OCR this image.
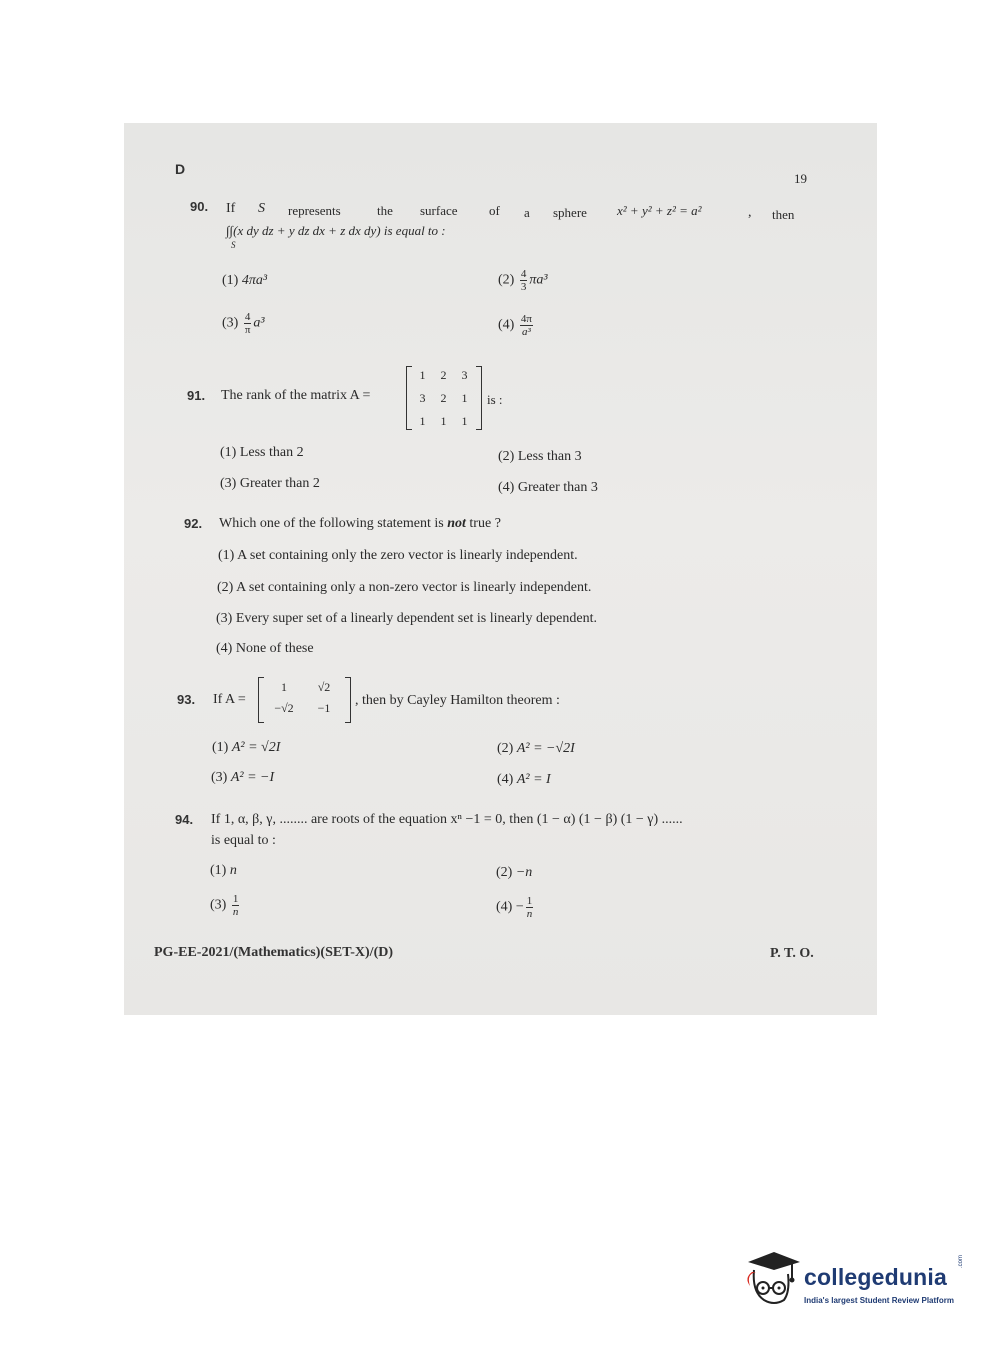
D
19
90. If S represents	the surface of a sphere x² + y² + z² = a²	, then
∫∫(x dy dz + y dz dx + z dx dy) is equal to :
S
(1) 4πa³	$(2) \frac{4}{3} \pi a^3$
$(3) \frac{4}{\pi} a^3$	$(4) \frac{4\pi}{\text{a³}}$
91. The rank of the matrix A =
1	2	3
3	2	1
1	1	1
is :
(1) Less than 2	(2) Less than 3
(3) Greater than 2	(4) Greater than 3
92. Which one of the following statement is not true ?
(1) A set containing only the zero vector is linearly independent.
(2) A set containing only a non-zero vector is linearly independent.
(3) Every super set of a linearly dependent set is linearly dependent.
(4) None of these
93. If A =
1	√2
−√2	−1	, then by Cayley Hamilton theorem :
(1) A² = √2I	(2) A² = −√2I
(3) A² = −I	(4) A² = I
94. If 1, α, β, γ, ........ are roots of the equation xⁿ −1 = 0, then (1 − α) (1 − β) (1 − γ) ......
is equal to :
(1) n	(2) −n
$(3) \frac{1}{n}$	$(4) - \frac{1}{n}$
PG-EE-2021/(Mathematics)(SET-X)/(D)	P. T. O.
collegedunia
.com
India's largest Student Review Platform
